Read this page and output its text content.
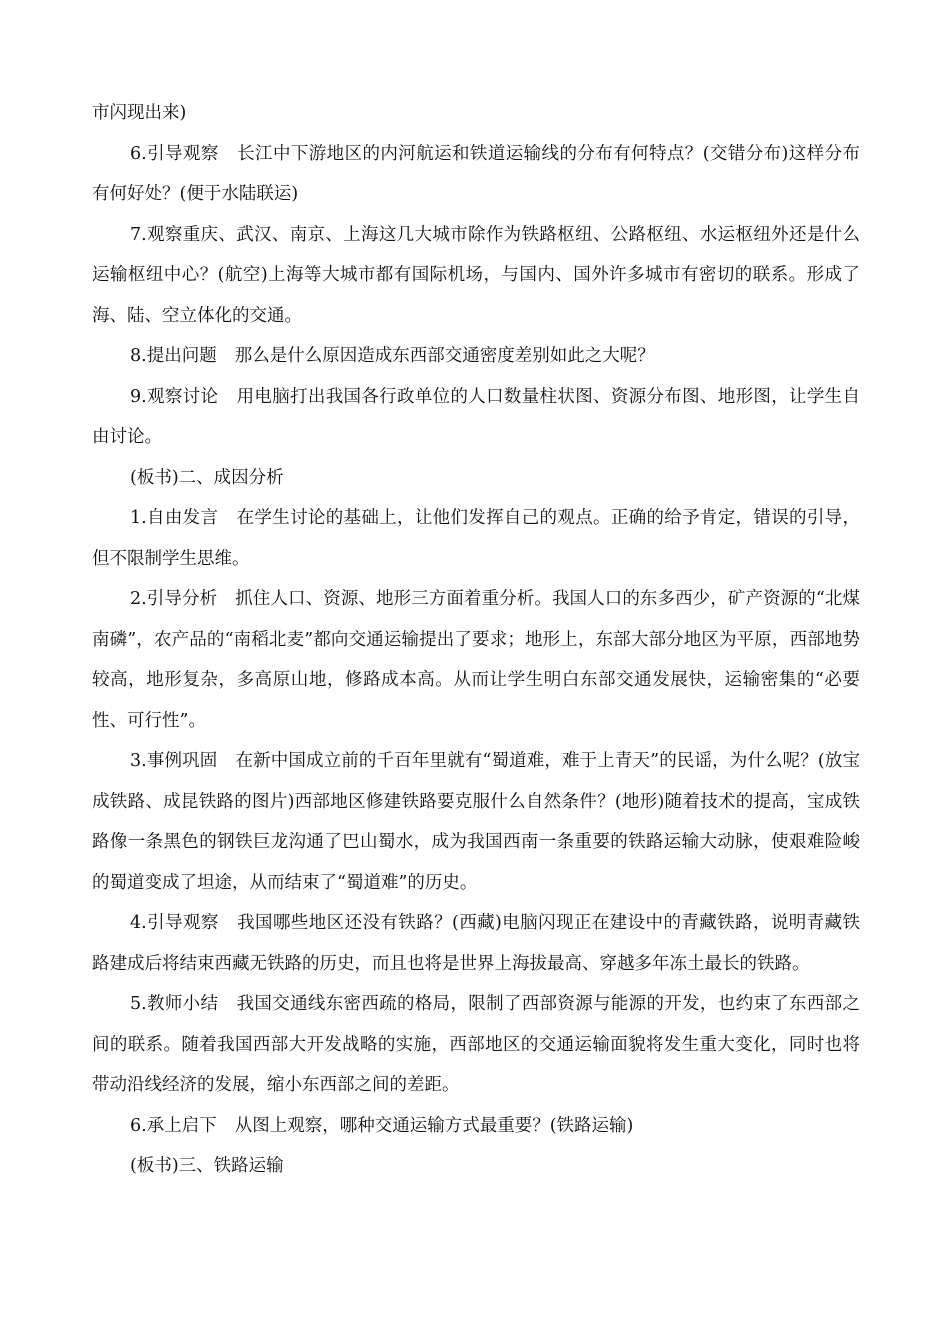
市闪现出来)

6.引导观察 长江中下游地区的内河航运和铁道运输线的分布有何特点？(交错分布)这样分布有何好处？(便于水陆联运)

7.观察重庆、武汉、南京、上海这几大城市除作为铁路枢纽、公路枢纽、水运枢纽外还是什么运输枢纽中心？(航空)上海等大城市都有国际机场，与国内、国外许多城市有密切的联系。形成了海、陆、空立体化的交通。

8.提出问题 那么是什么原因造成东西部交通密度差别如此之大呢？

9.观察讨论 用电脑打出我国各行政单位的人口数量柱状图、资源分布图、地形图，让学生自由讨论。

(板书)二、成因分析

1.自由发言 在学生讨论的基础上，让他们发挥自己的观点。正确的给予肯定，错误的引导，但不限制学生思维。

2.引导分析 抓住人口、资源、地形三方面着重分析。我国人口的东多西少，矿产资源的“北煤南磷”，农产品的“南稻北麦”都向交通运输提出了要求；地形上，东部大部分地区为平原，西部地势较高，地形复杂，多高原山地，修路成本高。从而让学生明白东部交通发展快，运输密集的“必要性、可行性”。

3.事例巩固 在新中国成立前的千百年里就有“蜀道难，难于上青天”的民谣，为什么呢？(放宝成铁路、成昆铁路的图片)西部地区修建铁路要克服什么自然条件？(地形)随着技术的提高，宝成铁路像一条黑色的钢铁巨龙沟通了巴山蜀水，成为我国西南一条重要的铁路运输大动脉，使艰难险峻的蜀道变成了坦途，从而结束了“蜀道难”的历史。

4.引导观察 我国哪些地区还没有铁路？(西藏)电脑闪现正在建设中的青藏铁路，说明青藏铁路建成后将结束西藏无铁路的历史，而且也将是世界上海拔最高、穿越多年冻土最长的铁路。

5.教师小结 我国交通线东密西疏的格局，限制了西部资源与能源的开发，也约束了东西部之间的联系。随着我国西部大开发战略的实施，西部地区的交通运输面貌将发生重大变化，同时也将带动沿线经济的发展，缩小东西部之间的差距。

6.承上启下 从图上观察，哪种交通运输方式最重要？(铁路运输)

(板书)三、铁路运输
